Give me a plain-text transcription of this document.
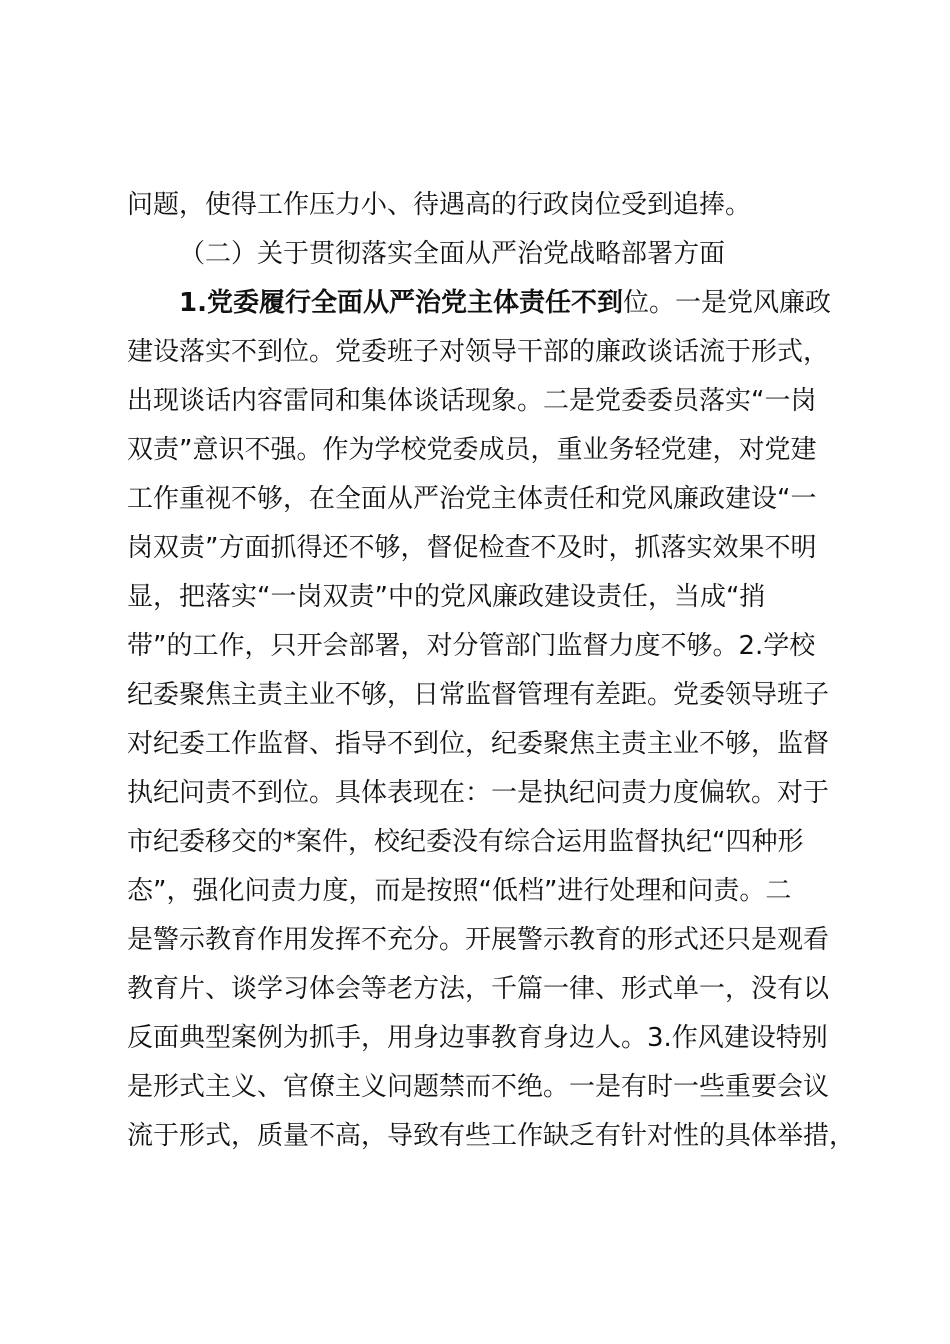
问题，使得工作压力小、待遇高的行政岗位受到追捧。
（二）关于贯彻落实全面从严治党战略部署方面
1.党委履行全面从严治党主体责任不到位。一是党风廉政
建设落实不到位。党委班子对领导干部的廉政谈话流于形式，
出现谈话内容雷同和集体谈话现象。二是党委委员落实“一岗
双责”意识不强。作为学校党委成员，重业务轻党建，对党建
工作重视不够，在全面从严治党主体责任和党风廉政建设“一
岗双责”方面抓得还不够，督促检查不及时，抓落实效果不明
显，把落实“一岗双责”中的党风廉政建设责任，当成“捎
带”的工作，只开会部署，对分管部门监督力度不够。2.学校
纪委聚焦主责主业不够，日常监督管理有差距。党委领导班子
对纪委工作监督、指导不到位，纪委聚焦主责主业不够，监督
执纪问责不到位。具体表现在：一是执纪问责力度偏软。对于
市纪委移交的*案件，校纪委没有综合运用监督执纪“四种形
态”，强化问责力度，而是按照“低档”进行处理和问责。二
是警示教育作用发挥不充分。开展警示教育的形式还只是观看
教育片、谈学习体会等老方法，千篇一律、形式单一，没有以
反面典型案例为抓手，用身边事教育身边人。3.作风建设特别
是形式主义、官僚主义问题禁而不绝。一是有时一些重要会议
流于形式，质量不高，导致有些工作缺乏有针对性的具体举措，
